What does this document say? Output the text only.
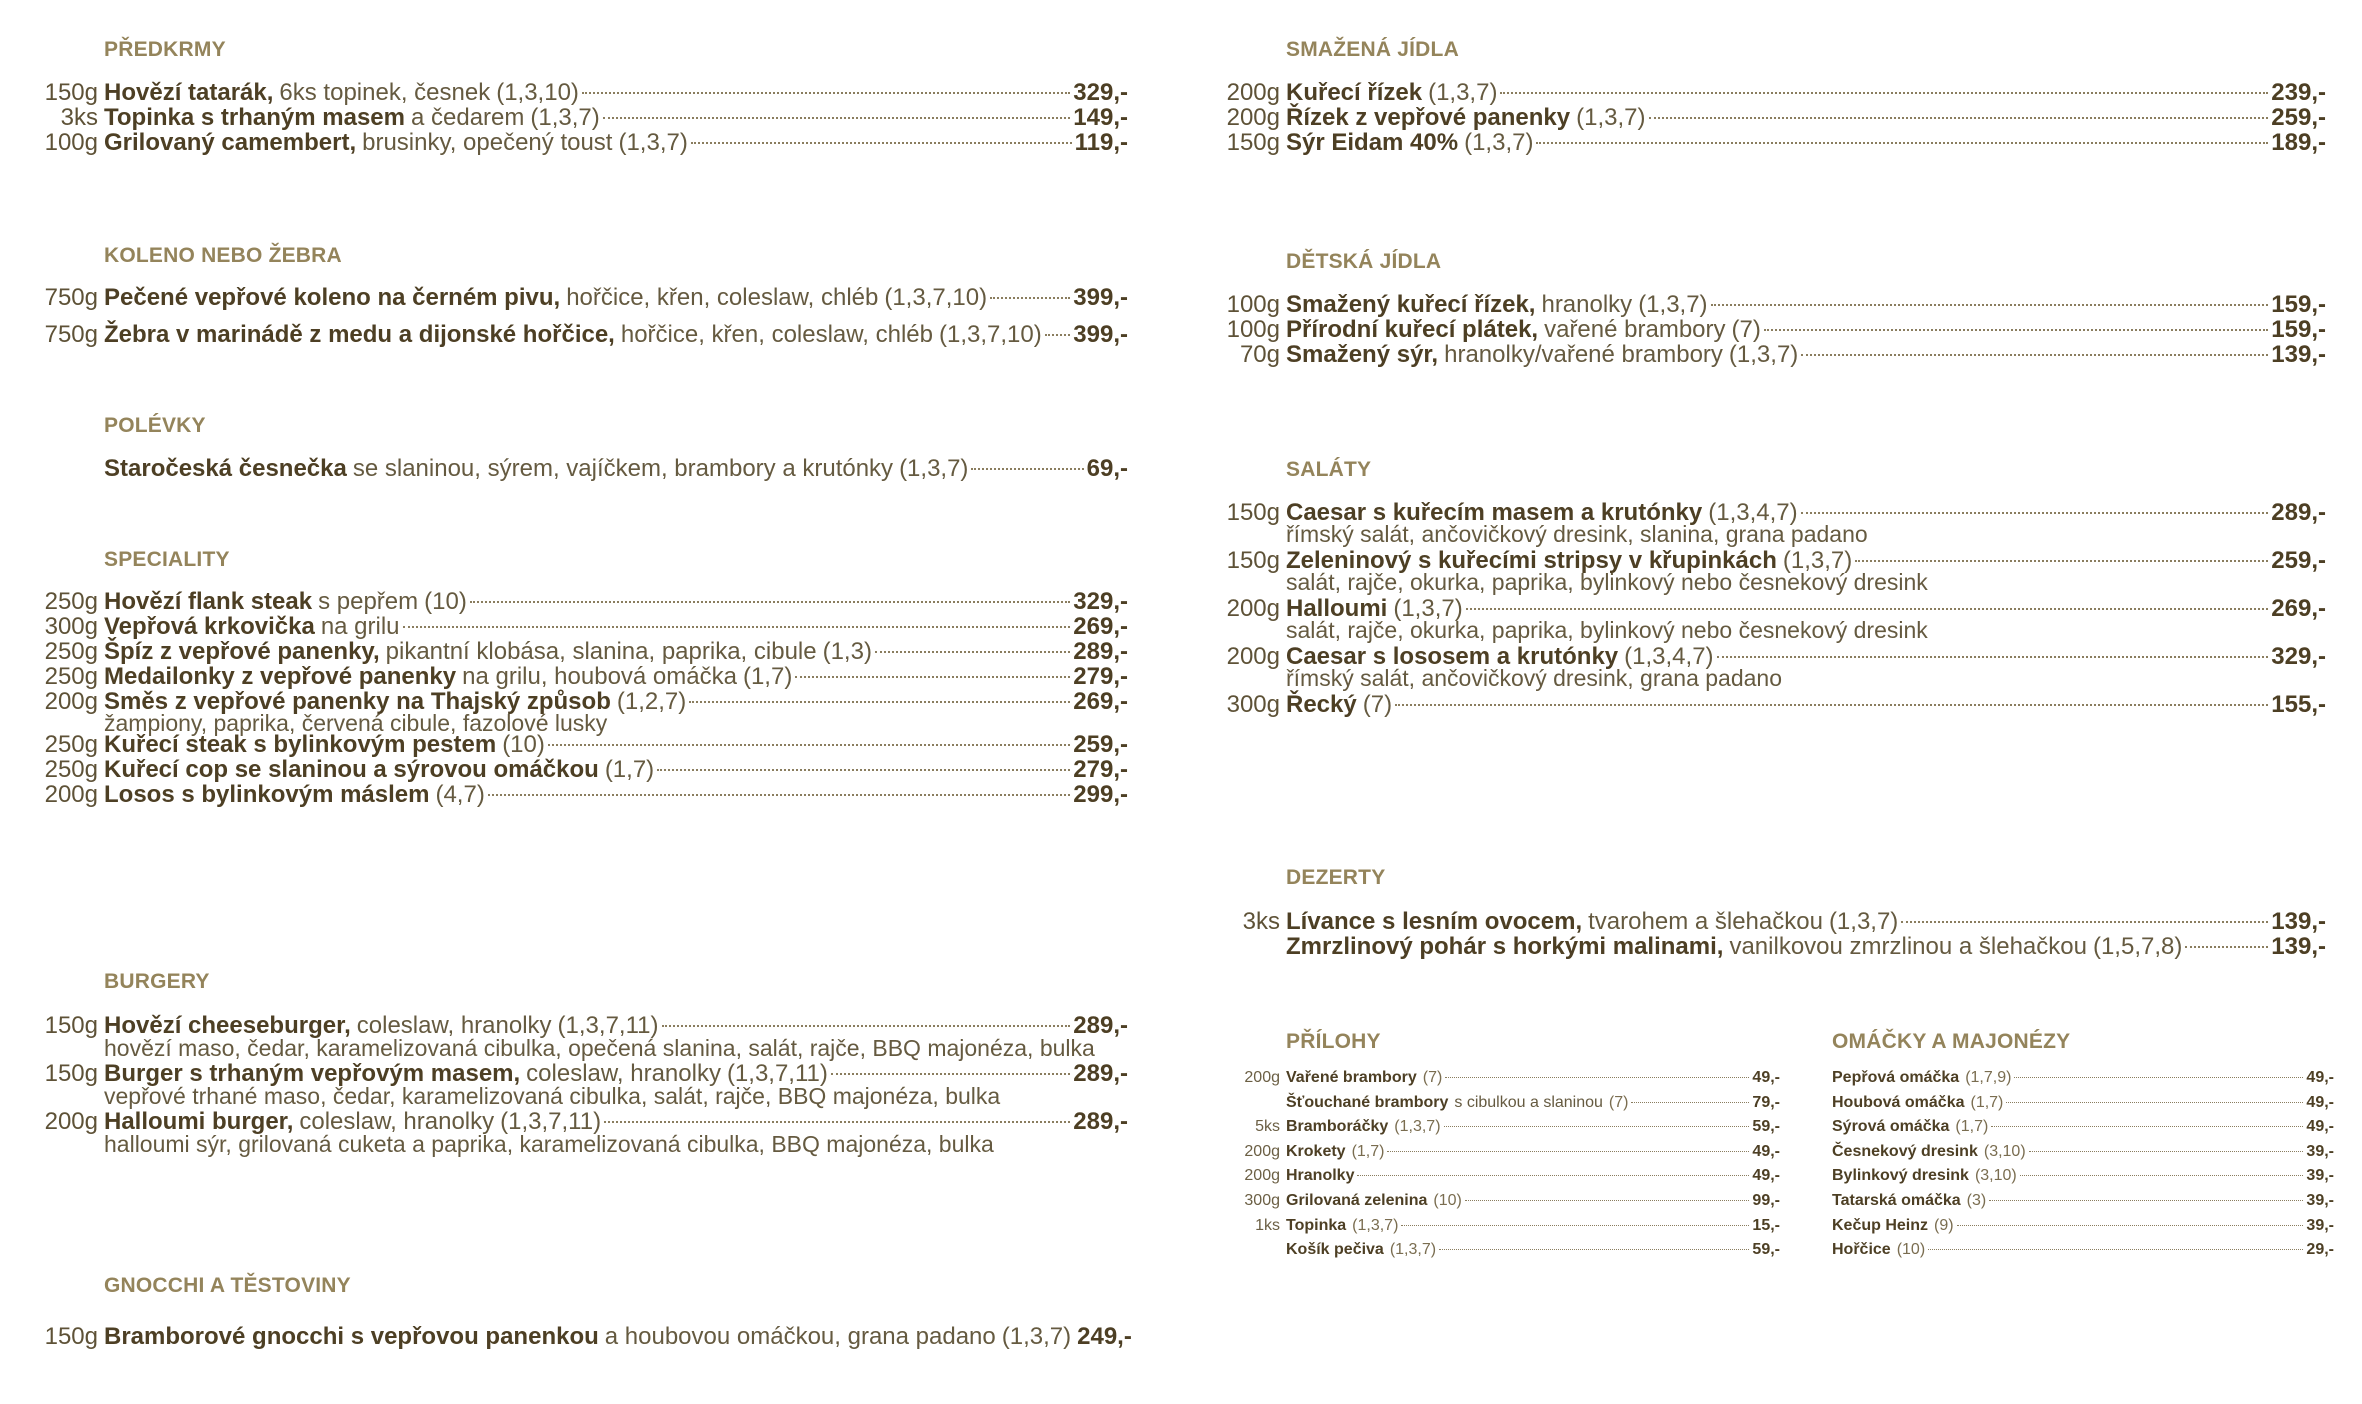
PŘEDKRMY
150g Hovězí tatarák, 6ks topinek, česnek (1,3,10)	329,-
3ks Topinka s trhaným masem a čedarem (1,3,7)	149,-
100g Grilovaný camembert, brusinky, opečený toust (1,3,7)	119,-
KOLENO NEBO ŽEBRA
750g Pečené vepřové koleno na černém pivu, hořčice, křen, coleslaw, chléb (1,3,7,10)	399,-
750g Žebra v marinádě z medu a dijonské hořčice, hořčice, křen, coleslaw, chléb (1,3,7,10) 399,-
POLÉVKY
Staročeská česnečka se slaninou, sýrem, vajíčkem, brambory a krutónky (1,3,7)	69,-
SPECIALITY
250g Hovězí flank steak s pepřem (10)	329,-
300g Vepřová krkovička na grilu	269,-
250g Špíz z vepřové panenky, pikantní klobása, slanina, paprika, cibule (1,3)	289,-
250g Medailonky z vepřové panenky na grilu, houbová omáčka (1,7)	279,-
200g Směs z vepřové panenky na Thajský způsob (1,2,7)	269,-
žampiony, paprika, červená cibule, fazolové lusky
250g Kuřecí steak s bylinkovým pestem (10)	259,-
250g Kuřecí cop se slaninou a sýrovou omáčkou (1,7)	279,-
200g Losos s bylinkovým máslem (4,7)	299,-
BURGERY
150g Hovězí cheeseburger, coleslaw, hranolky (1,3,7,11)	289,-
hovězí maso, čedar, karamelizovaná cibulka, opečená slanina, salát, rajče, BBQ majonéza, bulka
150g Burger s trhaným vepřovým masem, coleslaw, hranolky (1,3,7,11)	289,-
vepřové trhané maso, čedar, karamelizovaná cibulka, salát, rajče, BBQ majonéza, bulka
200g Halloumi burger, coleslaw, hranolky (1,3,7,11)	289,-
halloumi sýr, grilovaná cuketa a paprika, karamelizovaná cibulka, BBQ majonéza, bulka
GNOCCHI A TĚSTOVINY
150g Bramborové gnocchi s vepřovou panenkou a houbovou omáčkou, grana padano (1,3,7) 249,-
SMAŽENÁ JÍDLA
200g Kuřecí řízek (1,3,7)	239,-
200g Řízek z vepřové panenky (1,3,7)	259,-
150g Sýr Eidam 40% (1,3,7)	189,-
DĚTSKÁ JÍDLA
100g Smažený kuřecí řízek, hranolky (1,3,7)	159,-
100g Přírodní kuřecí plátek, vařené brambory (7)	159,-
70g Smažený sýr, hranolky/vařené brambory (1,3,7)	139,-
SALÁTY
150g Caesar s kuřecím masem a krutónky (1,3,4,7)	289,-
římský salát, ančovičkový dresink, slanina, grana padano
150g Zeleninový s kuřecími stripsy v křupinkách (1,3,7)	259,-
salát, rajče, okurka, paprika, bylinkový nebo česnekový dresink
200g Halloumi (1,3,7)	269,-
salát, rajče, okurka, paprika, bylinkový nebo česnekový dresink
200g Caesar s lososem a krutónky (1,3,4,7)	329,-
římský salát, ančovičkový dresink, grana padano
300g Řecký (7)	155,-
DEZERTY
3ks Lívance s lesním ovocem, tvarohem a šlehačkou (1,3,7)	139,-
Zmrzlinový pohár s horkými malinami, vanilkovou zmrzlinou a šlehačkou (1,5,7,8)	139,-
PŘÍLOHY
200g Vařené brambory (7)	49,-
Šťouchané brambory s cibulkou a slaninou (7)	79,-
5ks Bramboráčky (1,3,7)	59,-
200g Krokety (1,7)	49,-
200g Hranolky	49,-
300g Grilovaná zelenina (10)	99,-
1ks Topinka (1,3,7)	15,-
Košík pečiva (1,3,7)	59,-
OMÁČKY A MAJONÉZY
Pepřová omáčka (1,7,9)	49,-
Houbová omáčka (1,7)	49,-
Sýrová omáčka (1,7)	49,-
Česnekový dresink (3,10)	39,-
Bylinkový dresink (3,10)	39,-
Tatarská omáčka (3)	39,-
Kečup Heinz (9)	39,-
Hořčice (10)	29,-
